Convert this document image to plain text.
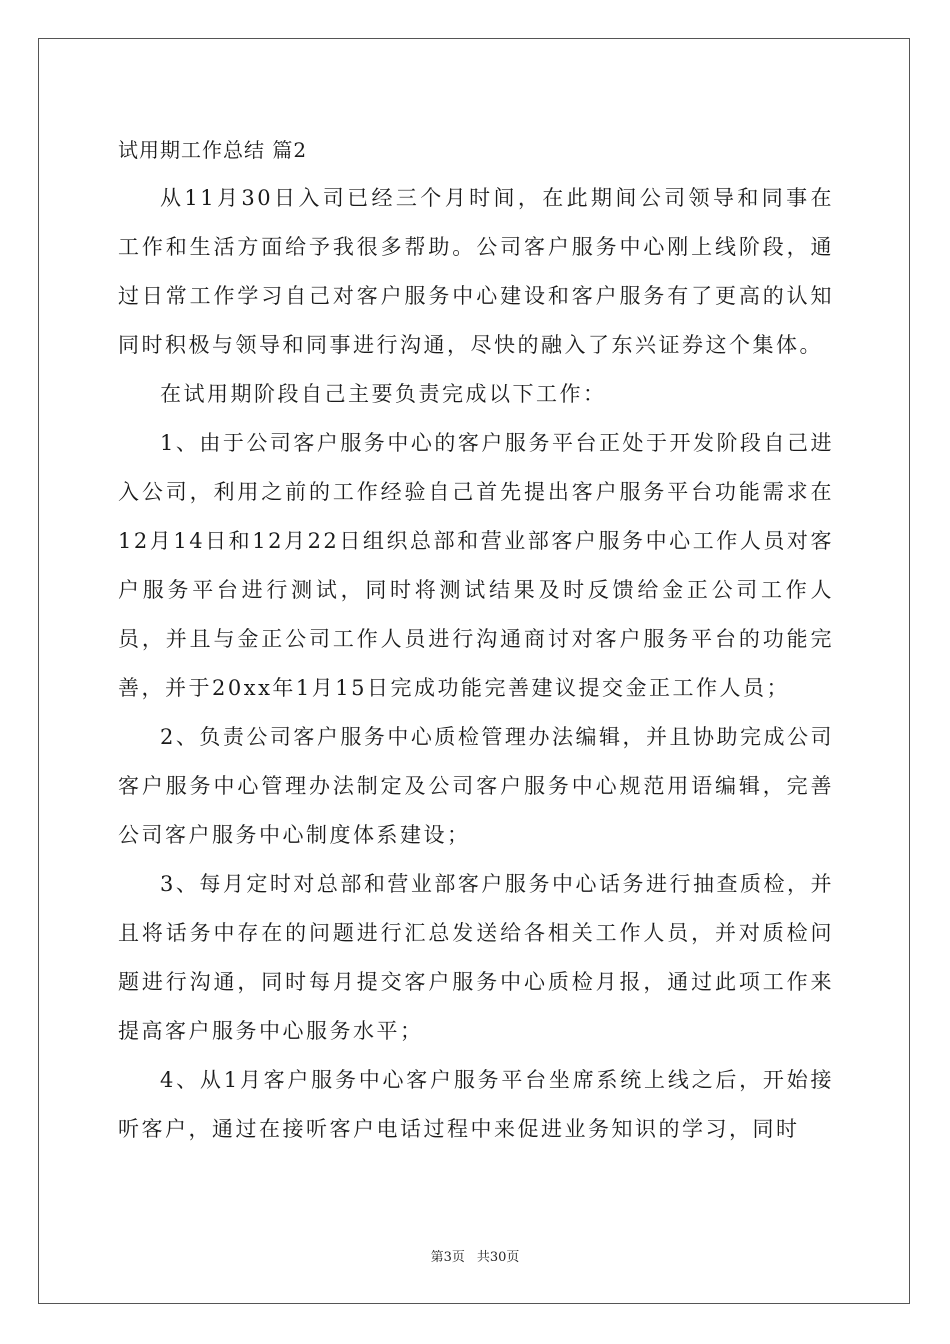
试用期工作总结 篇2

从11月30日入司已经三个月时间，在此期间公司领导和同事在工作和生活方面给予我很多帮助。公司客户服务中心刚上线阶段，通过日常工作学习自己对客户服务中心建设和客户服务有了更高的认知同时积极与领导和同事进行沟通，尽快的融入了东兴证券这个集体。

在试用期阶段自己主要负责完成以下工作：

1、由于公司客户服务中心的客户服务平台正处于开发阶段自己进入公司，利用之前的工作经验自己首先提出客户服务平台功能需求在12月14日和12月22日组织总部和营业部客户服务中心工作人员对客户服务平台进行测试，同时将测试结果及时反馈给金正公司工作人员，并且与金正公司工作人员进行沟通商讨对客户服务平台的功能完善，并于20xx年1月15日完成功能完善建议提交金正工作人员；

2、负责公司客户服务中心质检管理办法编辑，并且协助完成公司客户服务中心管理办法制定及公司客户服务中心规范用语编辑，完善公司客户服务中心制度体系建设；

3、每月定时对总部和营业部客户服务中心话务进行抽查质检，并且将话务中存在的问题进行汇总发送给各相关工作人员，并对质检问题进行沟通，同时每月提交客户服务中心质检月报，通过此项工作来提高客户服务中心服务水平；

4、从1月客户服务中心客户服务平台坐席系统上线之后，开始接听客户，通过在接听客户电话过程中来促进业务知识的学习，同时

第3页 共30页
